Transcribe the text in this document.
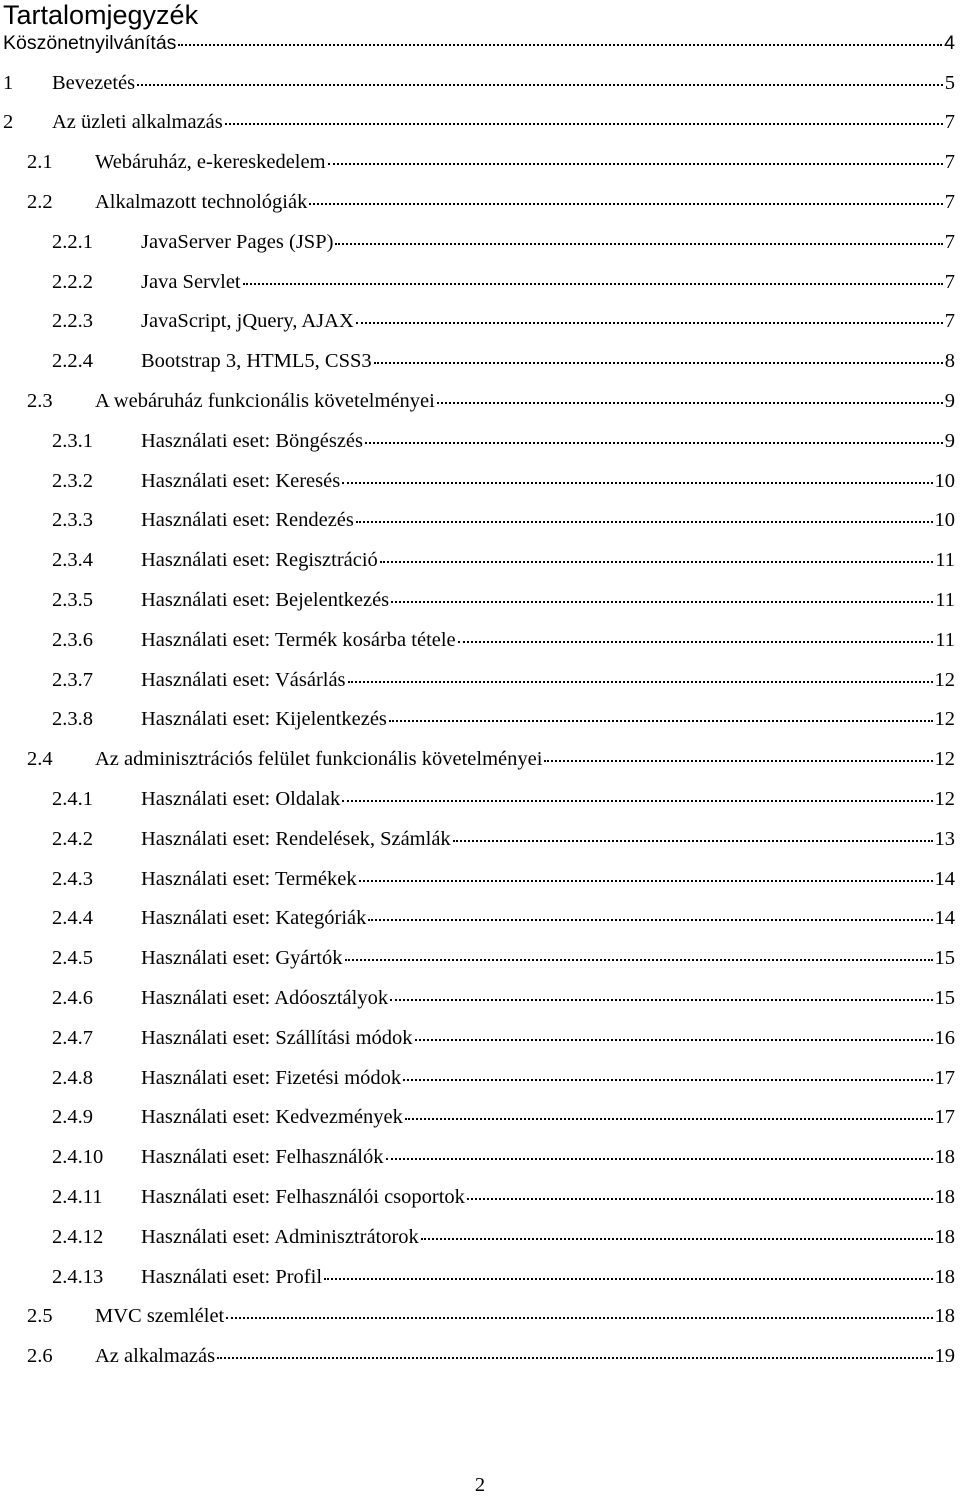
Tartalomjegyzék
Köszönetnyilvánítás	4
1	Bevezetés	5
2	Az üzleti alkalmazás	7
2.1	Webáruház, e-kereskedelem	7
2.2	Alkalmazott technológiák	7
2.2.1	JavaServer Pages (JSP)	7
2.2.2	Java Servlet	7
2.2.3	JavaScript, jQuery, AJAX	7
2.2.4	Bootstrap 3, HTML5, CSS3	8
2.3	A webáruház funkcionális követelményei	9
2.3.1	Használati eset: Böngészés	9
2.3.2	Használati eset: Keresés	10
2.3.3	Használati eset: Rendezés	10
2.3.4	Használati eset: Regisztráció	11
2.3.5	Használati eset: Bejelentkezés	11
2.3.6	Használati eset: Termék kosárba tétele	11
2.3.7	Használati eset: Vásárlás	12
2.3.8	Használati eset: Kijelentkezés	12
2.4	Az adminisztrációs felület funkcionális követelményei	12
2.4.1	Használati eset: Oldalak	12
2.4.2	Használati eset: Rendelések, Számlák	13
2.4.3	Használati eset: Termékek	14
2.4.4	Használati eset: Kategóriák	14
2.4.5	Használati eset: Gyártók	15
2.4.6	Használati eset: Adóosztályok	15
2.4.7	Használati eset: Szállítási módok	16
2.4.8	Használati eset: Fizetési módok	17
2.4.9	Használati eset: Kedvezmények	17
2.4.10	Használati eset: Felhasználók	18
2.4.11	Használati eset: Felhasználói csoportok	18
2.4.12	Használati eset: Adminisztrátorok	18
2.4.13	Használati eset: Profil	18
2.5	MVC szemlélet	18
2.6	Az alkalmazás	19
2
